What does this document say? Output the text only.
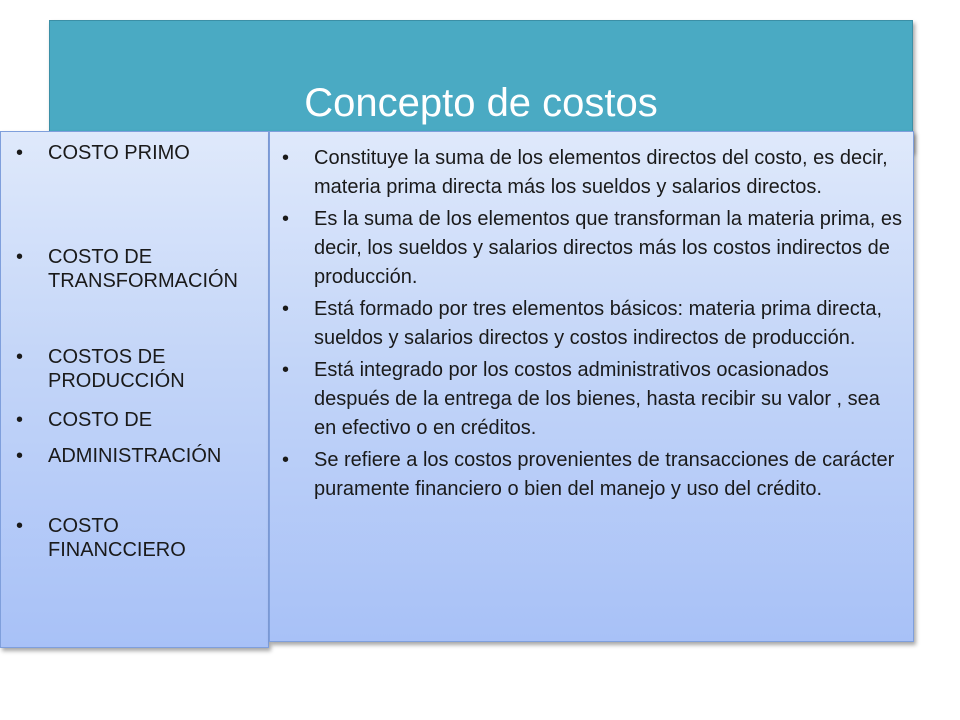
Concepto de costos
• COSTO PRIMO
• COSTO DE TRANSFORMACIÓN
• COSTOS DE PRODUCCIÓN
• COSTO DE
• ADMINISTRACIÓN
• COSTO FINANCCIERO
• Constituye la suma de los elementos directos del costo, es decir, materia prima directa más los sueldos y salarios directos.
• Es la suma de los elementos que transforman la materia prima, es decir, los sueldos y salarios directos más los costos indirectos de producción.
• Está formado por tres elementos básicos: materia prima directa, sueldos y salarios directos y costos indirectos de producción.
• Está integrado por los costos administrativos ocasionados después de la entrega de los bienes, hasta recibir su valor , sea en efectivo o en créditos.
• Se refiere a los costos provenientes de transacciones de carácter puramente financiero o bien del manejo y uso del crédito.
